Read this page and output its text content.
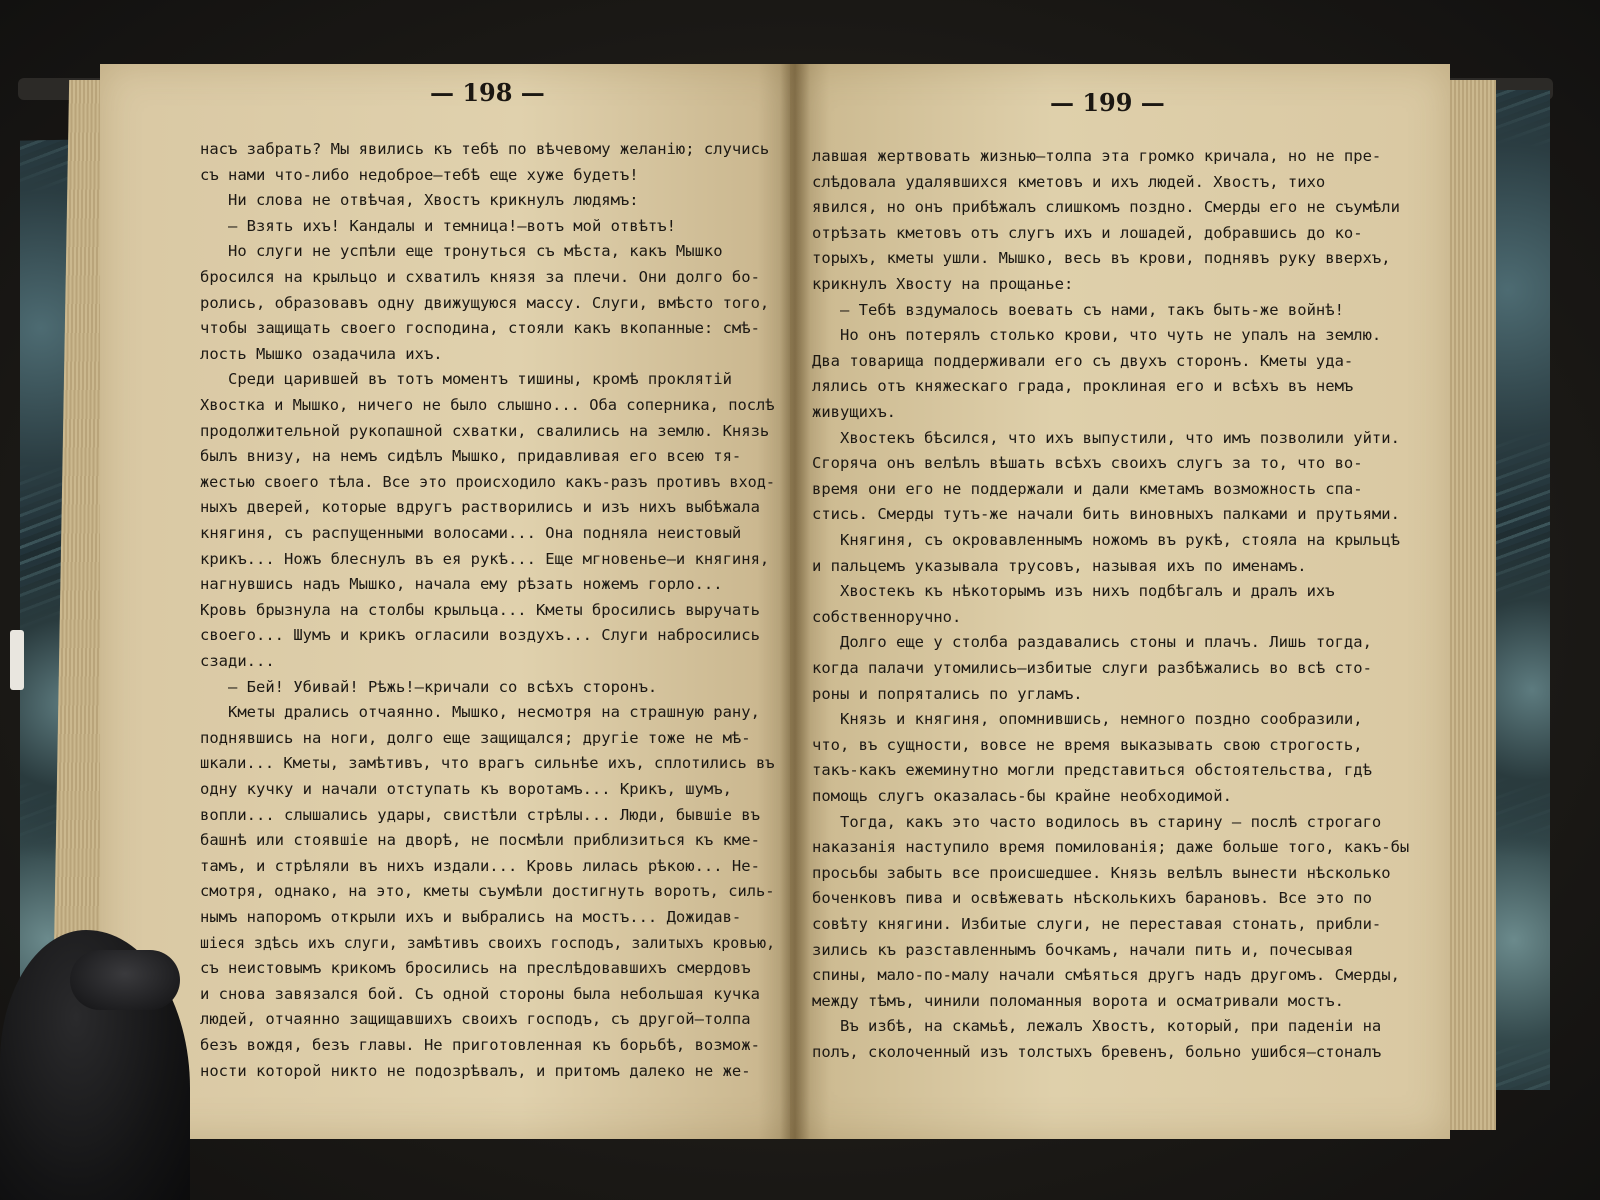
— 198 —
насъ забрать? Мы явились къ тебѣ по вѣчевому желанію; случись
съ нами что-либо недоброе—тебѣ еще хуже будетъ!
Ни слова не отвѣчая, Хвостъ крикнулъ людямъ:
— Взять ихъ! Кандалы и темница!—вотъ мой отвѣтъ!
Но слуги не успѣли еще тронуться съ мѣста, какъ Мышко
бросился на крыльцо и схватилъ князя за плечи. Они долго бо-
ролись, образовавъ одну движущуюся массу. Слуги, вмѣсто того,
чтобы защищать своего господина, стояли какъ вкопанные: смѣ-
лость Мышко озадачила ихъ.
Среди царившей въ тотъ моментъ тишины, кромѣ проклятій
Хвостка и Мышко, ничего не было слышно... Оба соперника, послѣ
продолжительной рукопашной схватки, свалились на землю. Князь
былъ внизу, на немъ сидѣлъ Мышко, придавливая его всею тя-
жестью своего тѣла. Все это происходило какъ-разъ противъ вход-
ныхъ дверей, которые вдругъ растворились и изъ нихъ выбѣжала
княгиня, съ распущенными волосами... Она подняла неистовый
крикъ... Ножъ блеснулъ въ ея рукѣ... Еще мгновенье—и княгиня,
нагнувшись надъ Мышко, начала ему рѣзать ножемъ горло...
Кровь брызнула на столбы крыльца... Кметы бросились выручать
своего... Шумъ и крикъ огласили воздухъ... Слуги набросились
сзади...
— Бей! Убивай! Рѣжь!—кричали со всѣхъ сторонъ.
Кметы дрались отчаянно. Мышко, несмотря на страшную рану,
поднявшись на ноги, долго еще защищался; другіе тоже не мѣ-
шкали... Кметы, замѣтивъ, что врагъ сильнѣе ихъ, сплотились въ
одну кучку и начали отступать къ воротамъ... Крикъ, шумъ,
вопли... слышались удары, свистѣли стрѣлы... Люди, бывшіе въ
башнѣ или стоявшіе на дворѣ, не посмѣли приблизиться къ кме-
тамъ, и стрѣляли въ нихъ издали... Кровь лилась рѣкою... Не-
смотря, однако, на это, кметы съумѣли достигнуть воротъ, силь-
нымъ напоромъ открыли ихъ и выбрались на мостъ... Дожидав-
шіеся здѣсь ихъ слуги, замѣтивъ своихъ господъ, залитыхъ кровью,
съ неистовымъ крикомъ бросились на преслѣдовавшихъ смердовъ
и снова завязался бой. Съ одной стороны была небольшая кучка
людей, отчаянно защищавшихъ своихъ господъ, съ другой—толпа
безъ вождя, безъ главы. Не приготовленная къ борьбѣ, возмож-
ности которой никто не подозрѣвалъ, и притомъ далеко не же-
— 199 —
лавшая жертвовать жизнью—толпа эта громко кричала, но не пре-
слѣдовала удалявшихся кметовъ и ихъ людей. Хвостъ, тихо
явился, но онъ прибѣжалъ слишкомъ поздно. Смерды его не съумѣли
отрѣзать кметовъ отъ слугъ ихъ и лошадей, добравшись до ко-
торыхъ, кметы ушли. Мышко, весь въ крови, поднявъ руку вверхъ,
крикнулъ Хвосту на прощанье:
— Тебѣ вздумалось воевать съ нами, такъ быть-же войнѣ!
Но онъ потерялъ столько крови, что чуть не упалъ на землю.
Два товарища поддерживали его съ двухъ сторонъ. Кметы уда-
лялись отъ княжескаго града, проклиная его и всѣхъ въ немъ
живущихъ.
Хвостекъ бѣсился, что ихъ выпустили, что имъ позволили уйти.
Сгоряча онъ велѣлъ вѣшать всѣхъ своихъ слугъ за то, что во-
время они его не поддержали и дали кметамъ возможность спа-
стись. Смерды тутъ-же начали бить виновныхъ палками и прутьями.
Княгиня, съ окровавленнымъ ножомъ въ рукѣ, стояла на крыльцѣ
и пальцемъ указывала трусовъ, называя ихъ по именамъ.
Хвостекъ къ нѣкоторымъ изъ нихъ подбѣгалъ и дралъ ихъ
собственноручно.
Долго еще у столба раздавались стоны и плачъ. Лишь тогда,
когда палачи утомились—избитые слуги разбѣжались во всѣ сто-
роны и попрятались по угламъ.
Князь и княгиня, опомнившись, немного поздно сообразили,
что, въ сущности, вовсе не время выказывать свою строгость,
такъ-какъ ежеминутно могли представиться обстоятельства, гдѣ
помощь слугъ оказалась-бы крайне необходимой.
Тогда, какъ это часто водилось въ старину — послѣ строгаго
наказанія наступило время помилованія; даже больше того, какъ-бы
просьбы забыть все происшедшее. Князь велѣлъ вынести нѣсколько
боченковъ пива и освѣжевать нѣсколькихъ барановъ. Все это по
совѣту княгини. Избитые слуги, не переставая стонать, прибли-
зились къ разставленнымъ бочкамъ, начали пить и, почесывая
спины, мало-по-малу начали смѣяться другъ надъ другомъ. Смерды,
между тѣмъ, чинили поломанныя ворота и осматривали мостъ.
Въ избѣ, на скамьѣ, лежалъ Хвостъ, который, при паденіи на
полъ, сколоченный изъ толстыхъ бревенъ, больно ушибся—стоналъ
